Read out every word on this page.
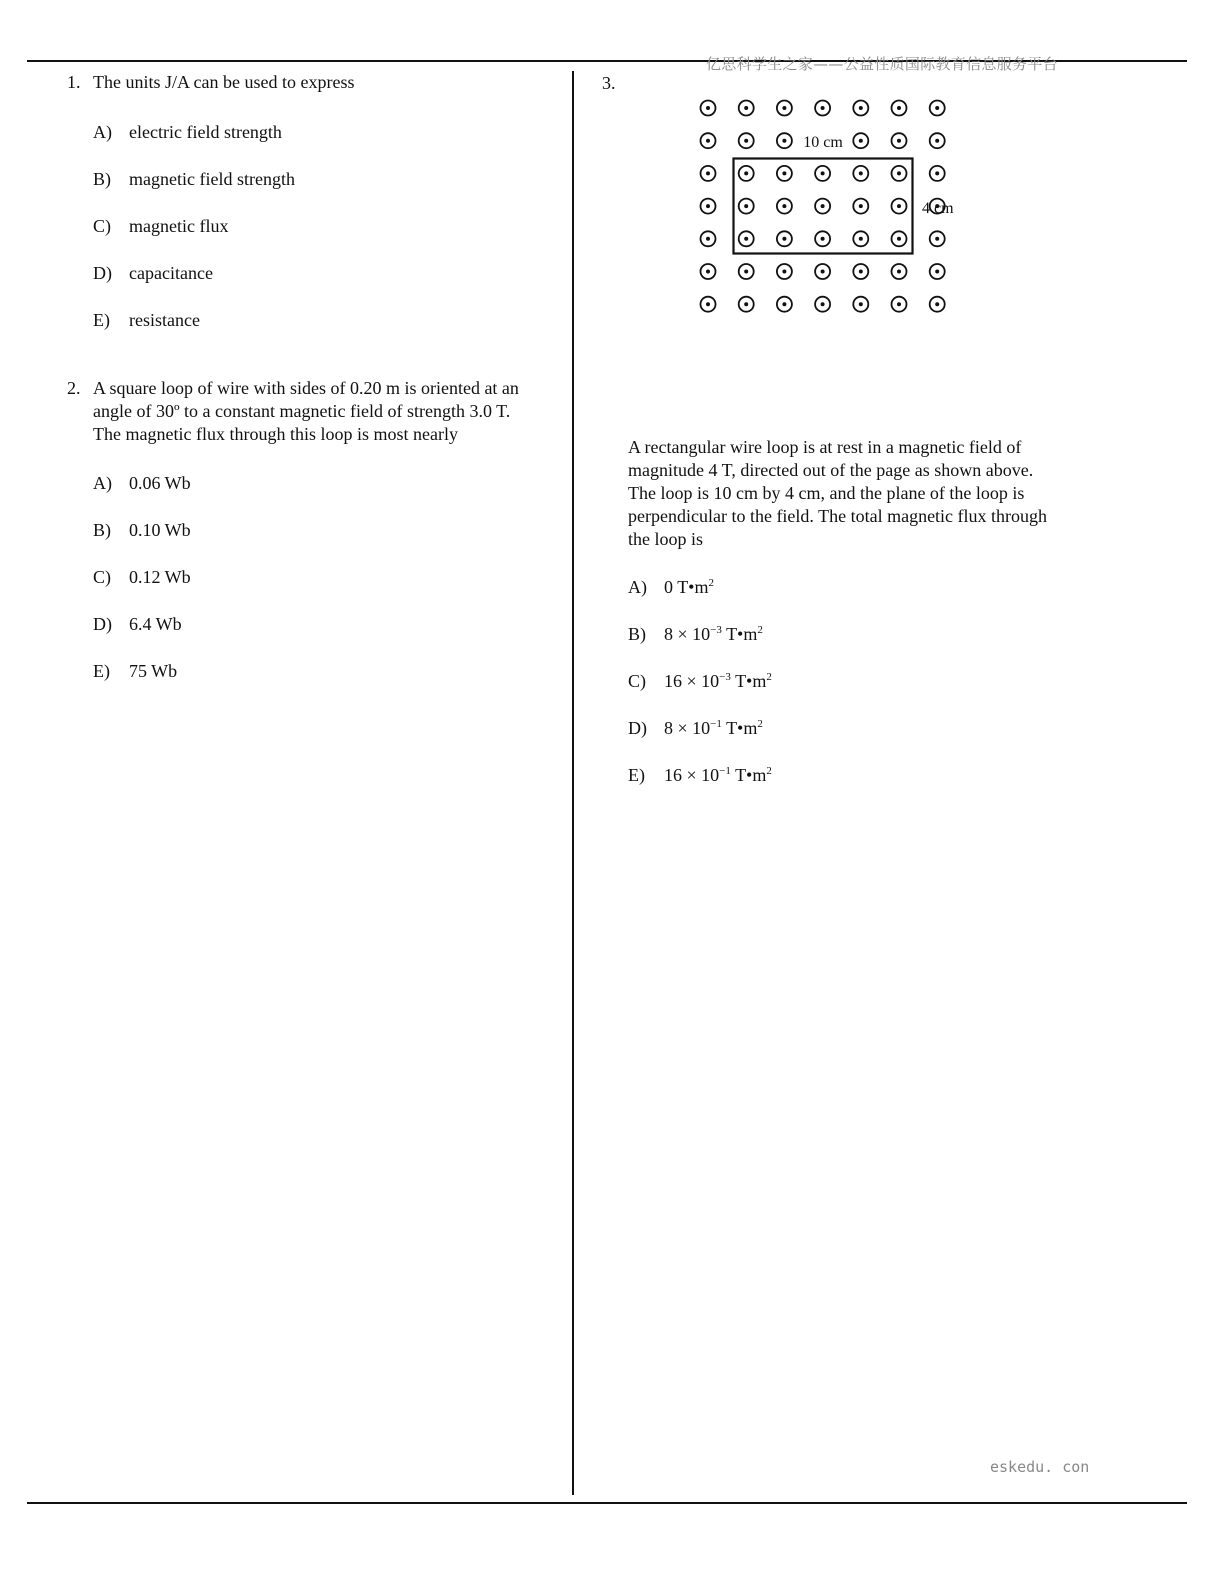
亿思科学生之家——公益性质国际教育信息服务平台
1. The units J/A can be used to express
A) electric field strength
B) magnetic field strength
C) magnetic flux
D) capacitance
E) resistance
2. A square loop of wire with sides of 0.20 m is oriented at an
angle of 30º to a constant magnetic field of strength 3.0 T.
The magnetic flux through this loop is most nearly
A) 0.06 Wb
B) 0.10 Wb
C) 0.12 Wb
D) 6.4 Wb
E) 75 Wb
3.
10 cm
4 cm
A rectangular wire loop is at rest in a magnetic field of
magnitude 4 T, directed out of the page as shown above.
The loop is 10 cm by 4 cm, and the plane of the loop is
perpendicular to the field. The total magnetic flux through
the loop is
A) 0 $T•m^2$
B) $8 \times 10^{-3}$ $T•m^2$
C) $16 \times 10^{-3}$ $T•m^2$
D) $8 \times 10^{-1}$ $T•m^2$
E) $16 \times 10^{-1}$ $T•m^2$
eskedu. con
